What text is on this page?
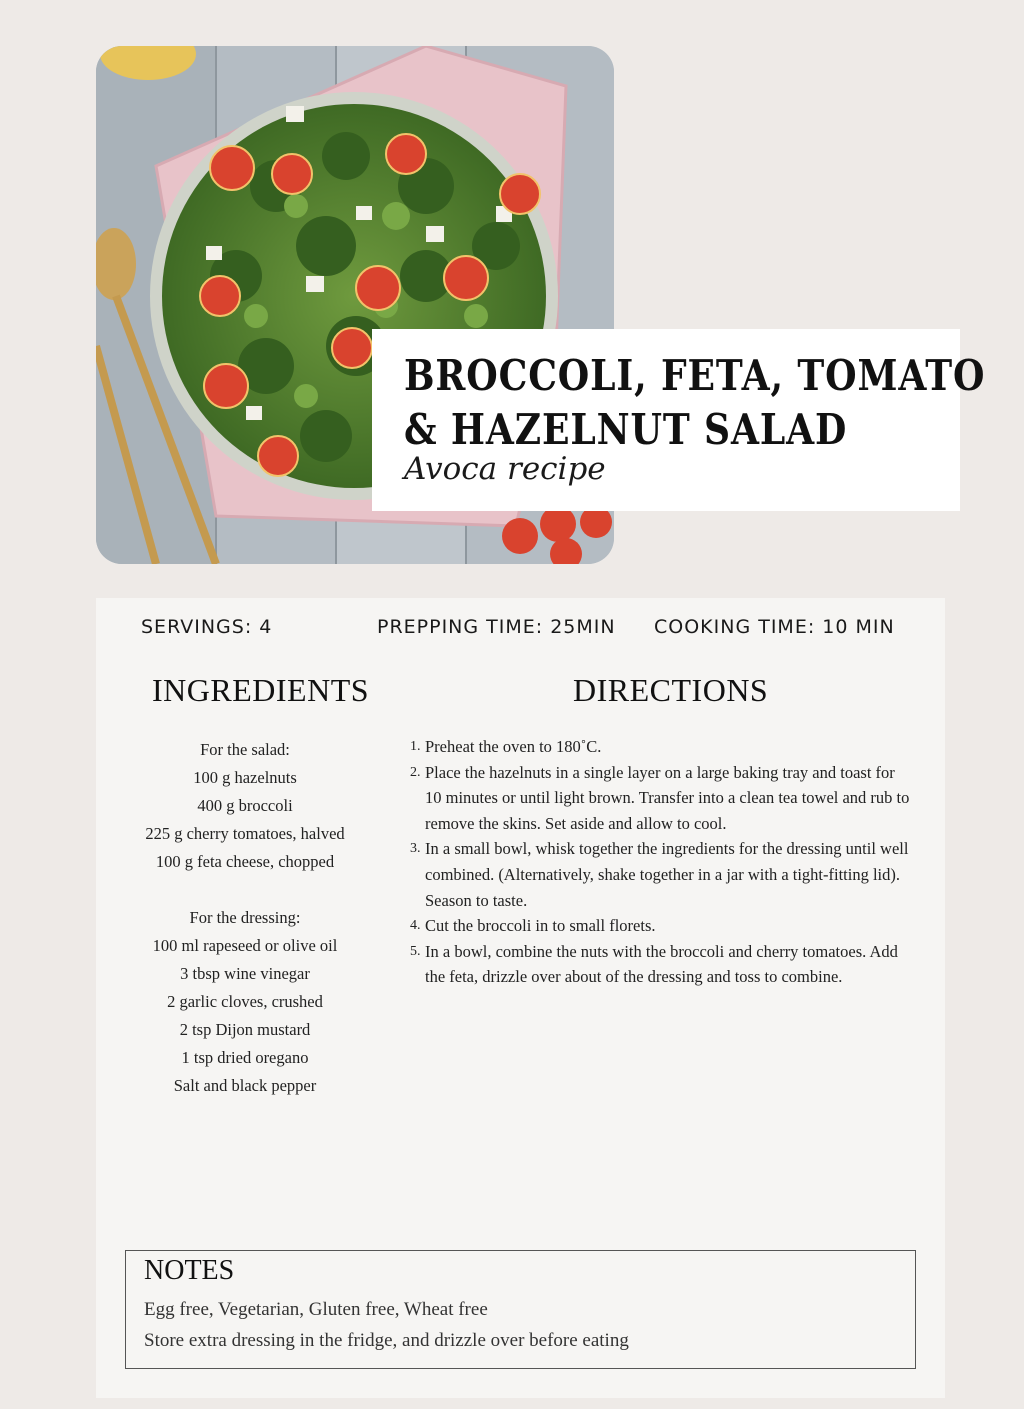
BROCCOLI, FETA, TOMATO
& HAZELNUT SALAD
Avoca recipe
SERVINGS: 4	PREPPING TIME: 25MIN COOKING TIME: 10 MIN
INGREDIENTS	DIRECTIONS
For the salad:
100 g hazelnuts
400 g broccoli
225 g cherry tomatoes, halved
100 g feta cheese, chopped
For the dressing:
100 ml rapeseed or olive oil
3 tbsp wine vinegar
2 garlic cloves, crushed
2 tsp Dijon mustard
1 tsp dried oregano
Salt and black pepper
1. Preheat the oven to 180˚C.
2. Place the hazelnuts in a single layer on a large baking tray and toast for 10 minutes or until light brown. Transfer into a clean tea towel and rub to remove the skins. Set aside and allow to cool.
3. In a small bowl, whisk together the ingredients for the dressing until well combined. (Alternatively, shake together in a jar with a tight-fitting lid). Season to taste.
4. Cut the broccoli in to small florets.
5. In a bowl, combine the nuts with the broccoli and cherry tomatoes. Add the feta, drizzle over about of the dressing and toss to combine.
NOTES
Egg free, Vegetarian, Gluten free, Wheat free
Store extra dressing in the fridge, and drizzle over before eating
